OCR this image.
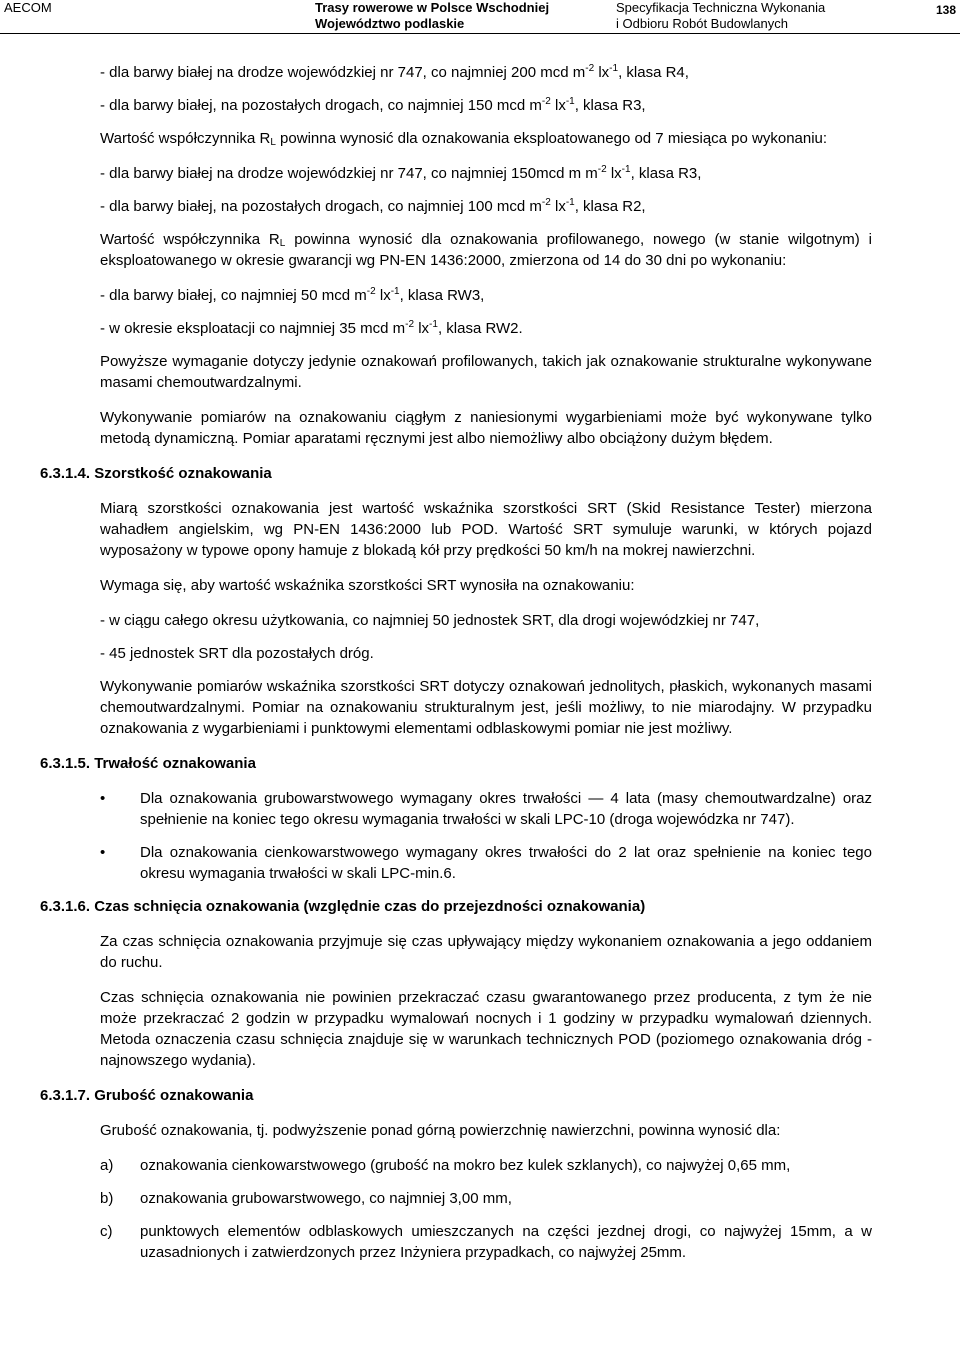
AECOM	Trasy rowerowe w Polsce Wschodniej
Województwo podlaskie
Specyfikacja Techniczna Wykonania
i Odbioru Robót Budowlanych
138
- dla barwy białej na drodze wojewódzkiej nr 747, co najmniej 200 mcd $m^{-2}$ $lx^{-1}$, klasa R4,
- dla barwy białej, na pozostałych drogach, co najmniej 150 mcd $m^{-2}$ $lx^{-1}$, klasa R3,
Wartość współczynnika $R_L$ powinna wynosić dla oznakowania eksploatowanego od 7 miesiąca po wykonaniu:
- dla barwy białej na drodze wojewódzkiej nr 747, co najmniej 150mcd m $m^{-2}$ $lx^{-1}$, klasa R3,
- dla barwy białej, na pozostałych drogach, co najmniej 100 mcd $m^{-2}$ $lx^{-1}$, klasa R2,
Wartość współczynnika $R_L$ powinna wynosić dla oznakowania profilowanego, nowego (w stanie wilgotnym) i eksploatowanego w okresie gwarancji wg PN-EN 1436:2000, zmierzona od 14 do 30 dni po wykonaniu:
- dla barwy białej, co najmniej 50 mcd $m^{-2}$ $lx^{-1}$, klasa RW3,
- w okresie eksploatacji co najmniej 35 mcd $m^{-2}$ $lx^{-1}$, klasa RW2.
Powyższe wymaganie dotyczy jedynie oznakowań profilowanych, takich jak oznakowanie strukturalne wykonywane masami chemoutwardzalnymi.
Wykonywanie pomiarów na oznakowaniu ciągłym z naniesionymi wygarbieniami może być wykonywane tylko metodą dynamiczną. Pomiar aparatami ręcznymi jest albo niemożliwy albo obciążony dużym błędem.
6.3.1.4. Szorstkość oznakowania
Miarą szorstkości oznakowania jest wartość wskaźnika szorstkości SRT (Skid Resistance Tester) mierzona wahadłem angielskim, wg PN-EN 1436:2000 lub POD. Wartość SRT symuluje warunki, w których pojazd wyposażony w typowe opony hamuje z blokadą kół przy prędkości 50 km/h na mokrej nawierzchni.
Wymaga się, aby wartość wskaźnika szorstkości SRT wynosiła na oznakowaniu:
- w ciągu całego okresu użytkowania, co najmniej 50 jednostek SRT, dla drogi wojewódzkiej nr 747,
- 45 jednostek SRT dla pozostałych dróg.
Wykonywanie pomiarów wskaźnika szorstkości SRT dotyczy oznakowań jednolitych, płaskich, wykonanych masami chemoutwardzalnymi. Pomiar na oznakowaniu strukturalnym jest, jeśli możliwy, to nie miarodajny. W przypadku oznakowania z wygarbieniami i punktowymi elementami odblaskowymi pomiar nie jest możliwy.
6.3.1.5. Trwałość oznakowania
• Dla oznakowania grubowarstwowego wymagany okres trwałości — 4 lata (masy chemoutwardzalne) oraz spełnienie na koniec tego okresu wymagania trwałości w skali LPC-10 (droga wojewódzka nr 747).
• Dla oznakowania cienkowarstwowego wymagany okres trwałości do 2 lat oraz spełnienie na koniec tego okresu wymagania trwałości w skali LPC-min.6.
6.3.1.6. Czas schnięcia oznakowania (względnie czas do przejezdności oznakowania)
Za czas schnięcia oznakowania przyjmuje się czas upływający między wykonaniem oznakowania a jego oddaniem do ruchu.
Czas schnięcia oznakowania nie powinien przekraczać czasu gwarantowanego przez producenta, z tym że nie może przekraczać 2 godzin w przypadku wymalowań nocnych i 1 godziny w przypadku wymalowań dziennych. Metoda oznaczenia czasu schnięcia znajduje się w warunkach technicznych POD (poziomego oznakowania dróg - najnowszego wydania).
6.3.1.7. Grubość oznakowania
Grubość oznakowania, tj. podwyższenie ponad górną powierzchnię nawierzchni, powinna wynosić dla:
a) oznakowania cienkowarstwowego (grubość na mokro bez kulek szklanych), co najwyżej 0,65 mm,
b) oznakowania grubowarstwowego, co najmniej 3,00 mm,
c) punktowych elementów odblaskowych umieszczanych na części jezdnej drogi, co najwyżej 15mm, a w uzasadnionych i zatwierdzonych przez Inżyniera przypadkach, co najwyżej 25mm.
